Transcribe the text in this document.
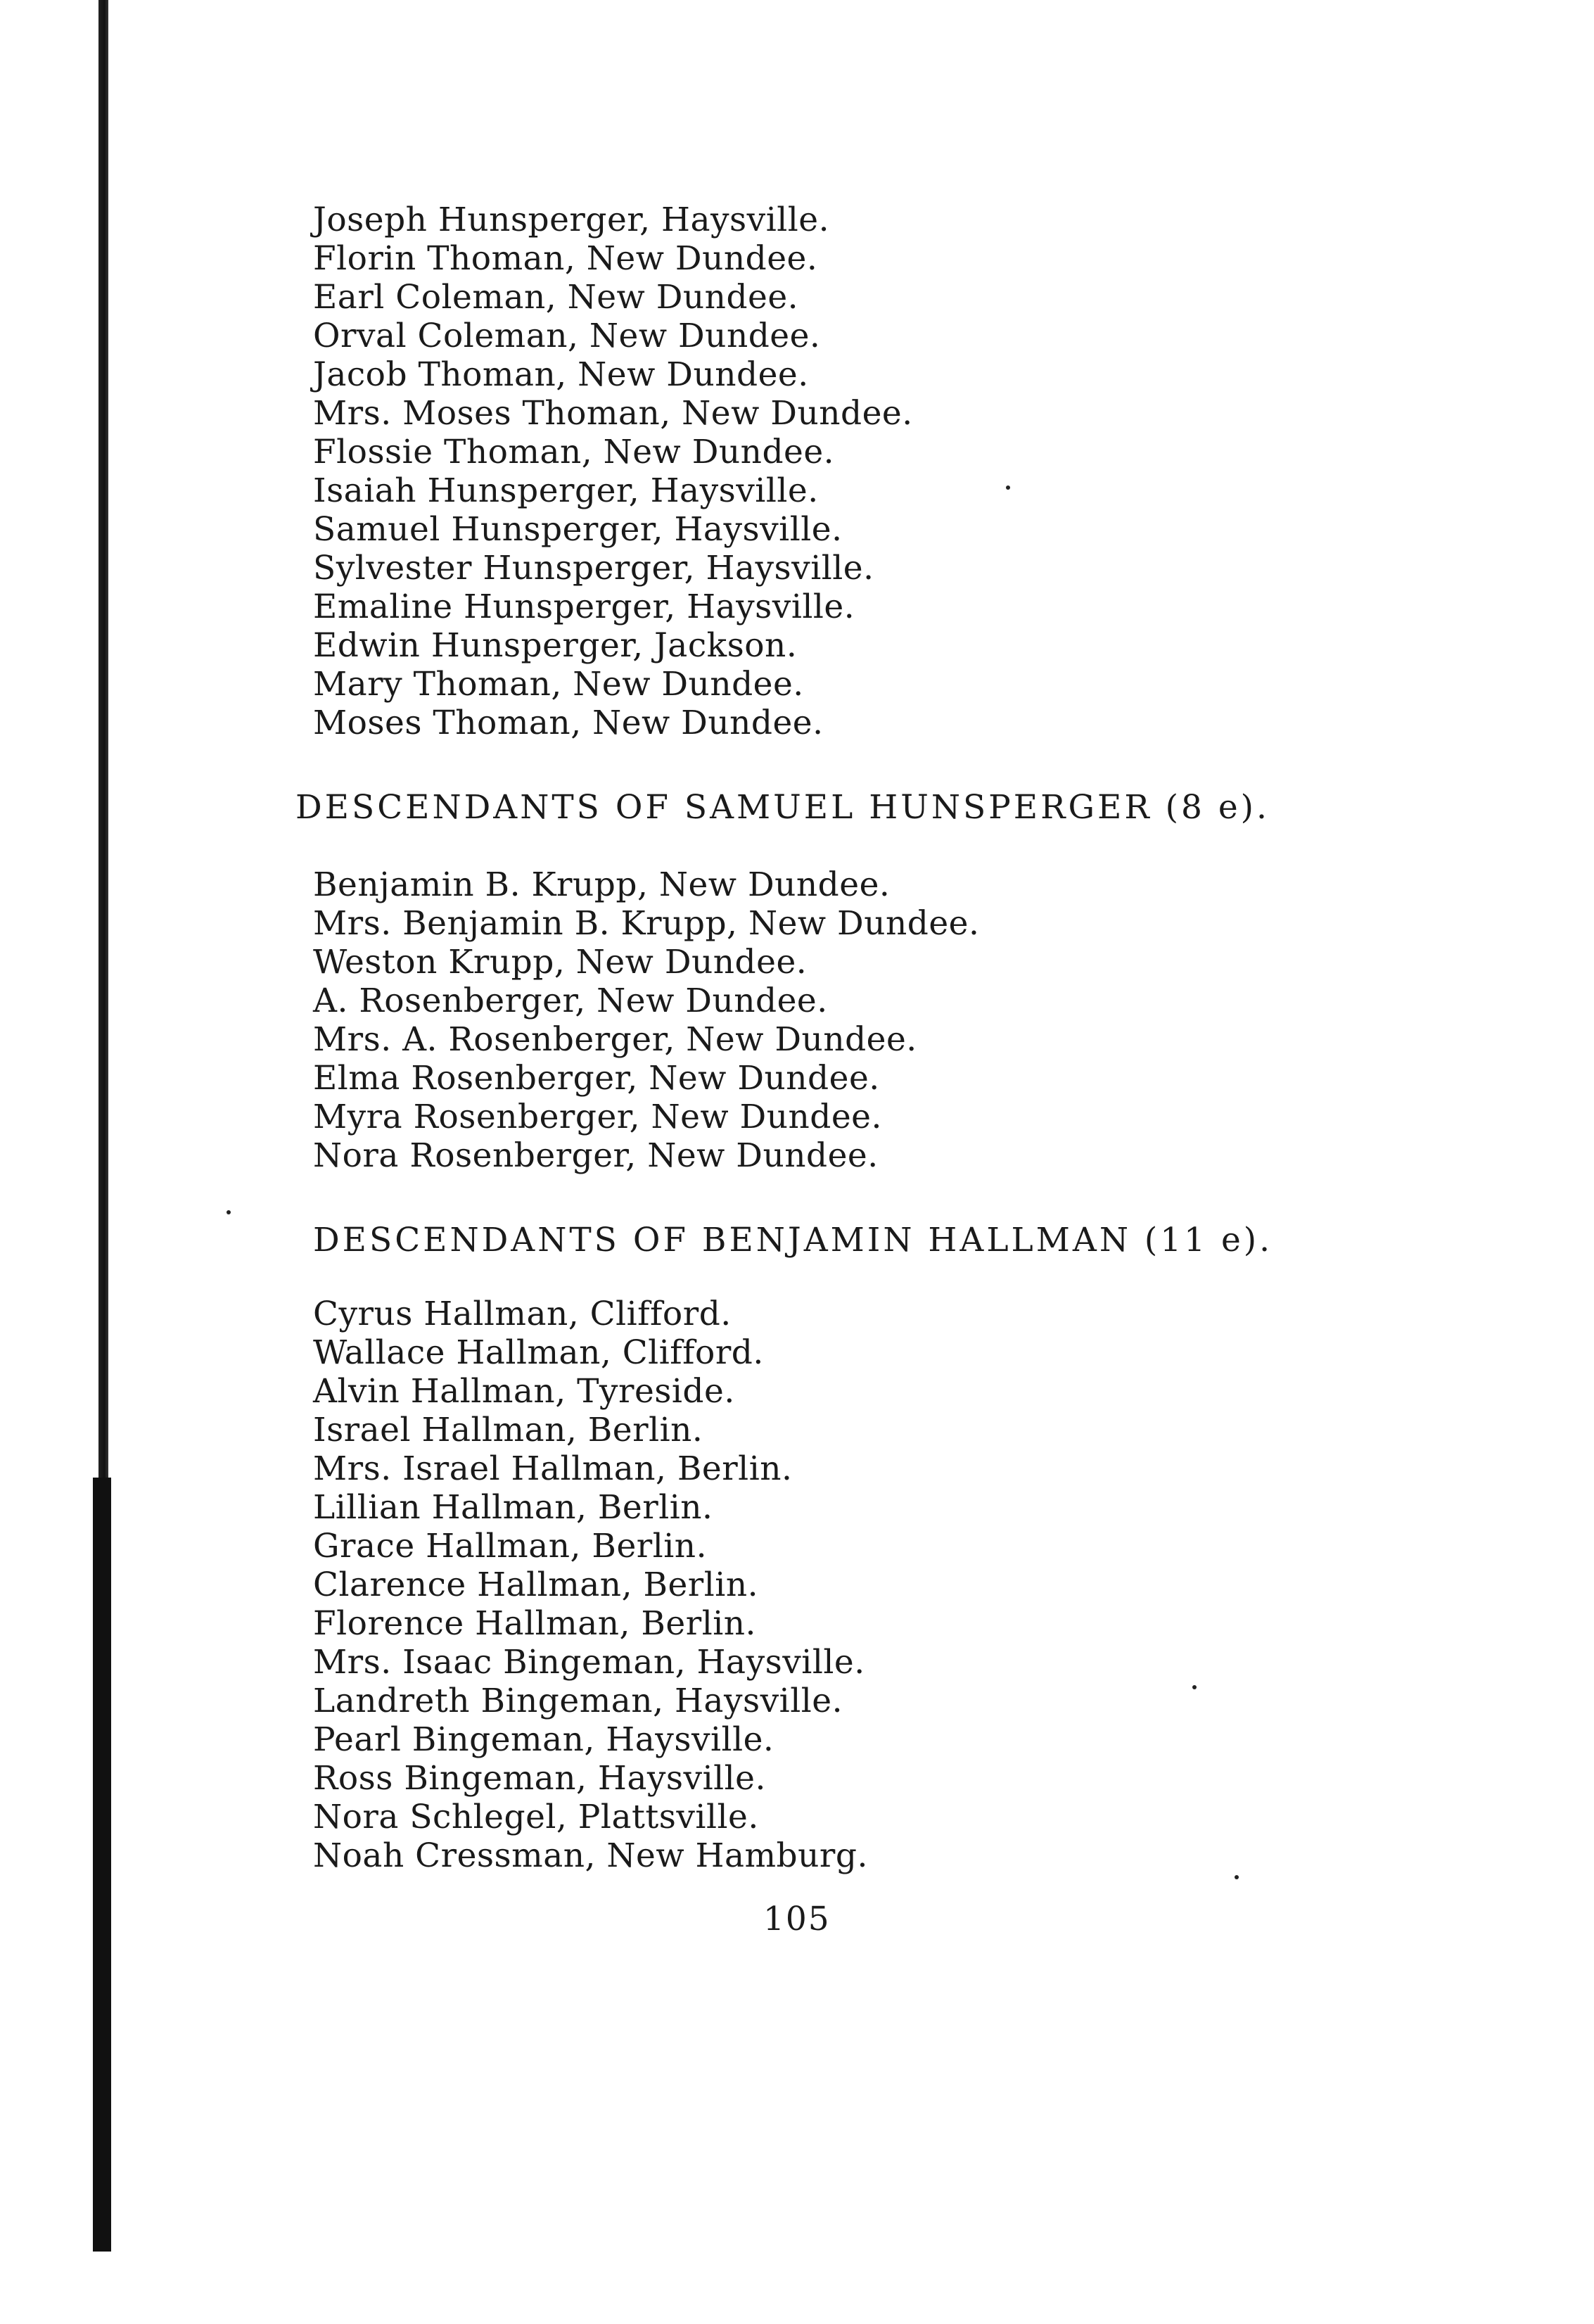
Joseph Hunsperger, Haysville.
Florin Thoman, New Dundee.
Earl Coleman, New Dundee.
Orval Coleman, New Dundee.
Jacob Thoman, New Dundee.
Mrs. Moses Thoman, New Dundee.
Flossie Thoman, New Dundee.
Isaiah Hunsperger, Haysville.
Samuel Hunsperger, Haysville.
Sylvester Hunsperger, Haysville.
Emaline Hunsperger, Haysville.
Edwin Hunsperger, Jackson.
Mary Thoman, New Dundee.
Moses Thoman, New Dundee.
DESCENDANTS OF SAMUEL HUNSPERGER (8 e).
Benjamin B. Krupp, New Dundee.
Mrs. Benjamin B. Krupp, New Dundee.
Weston Krupp, New Dundee.
A. Rosenberger, New Dundee.
Mrs. A. Rosenberger, New Dundee.
Elma Rosenberger, New Dundee.
Myra Rosenberger, New Dundee.
Nora Rosenberger, New Dundee.
DESCENDANTS OF BENJAMIN HALLMAN (11 e).
Cyrus Hallman, Clifford.
Wallace Hallman, Clifford.
Alvin Hallman, Tyreside.
Israel Hallman, Berlin.
Mrs. Israel Hallman, Berlin.
Lillian Hallman, Berlin.
Grace Hallman, Berlin.
Clarence Hallman, Berlin.
Florence Hallman, Berlin.
Mrs. Isaac Bingeman, Haysville.
Landreth Bingeman, Haysville.
Pearl Bingeman, Haysville.
Ross Bingeman, Haysville.
Nora Schlegel, Plattsville.
Noah Cressman, New Hamburg.
105
